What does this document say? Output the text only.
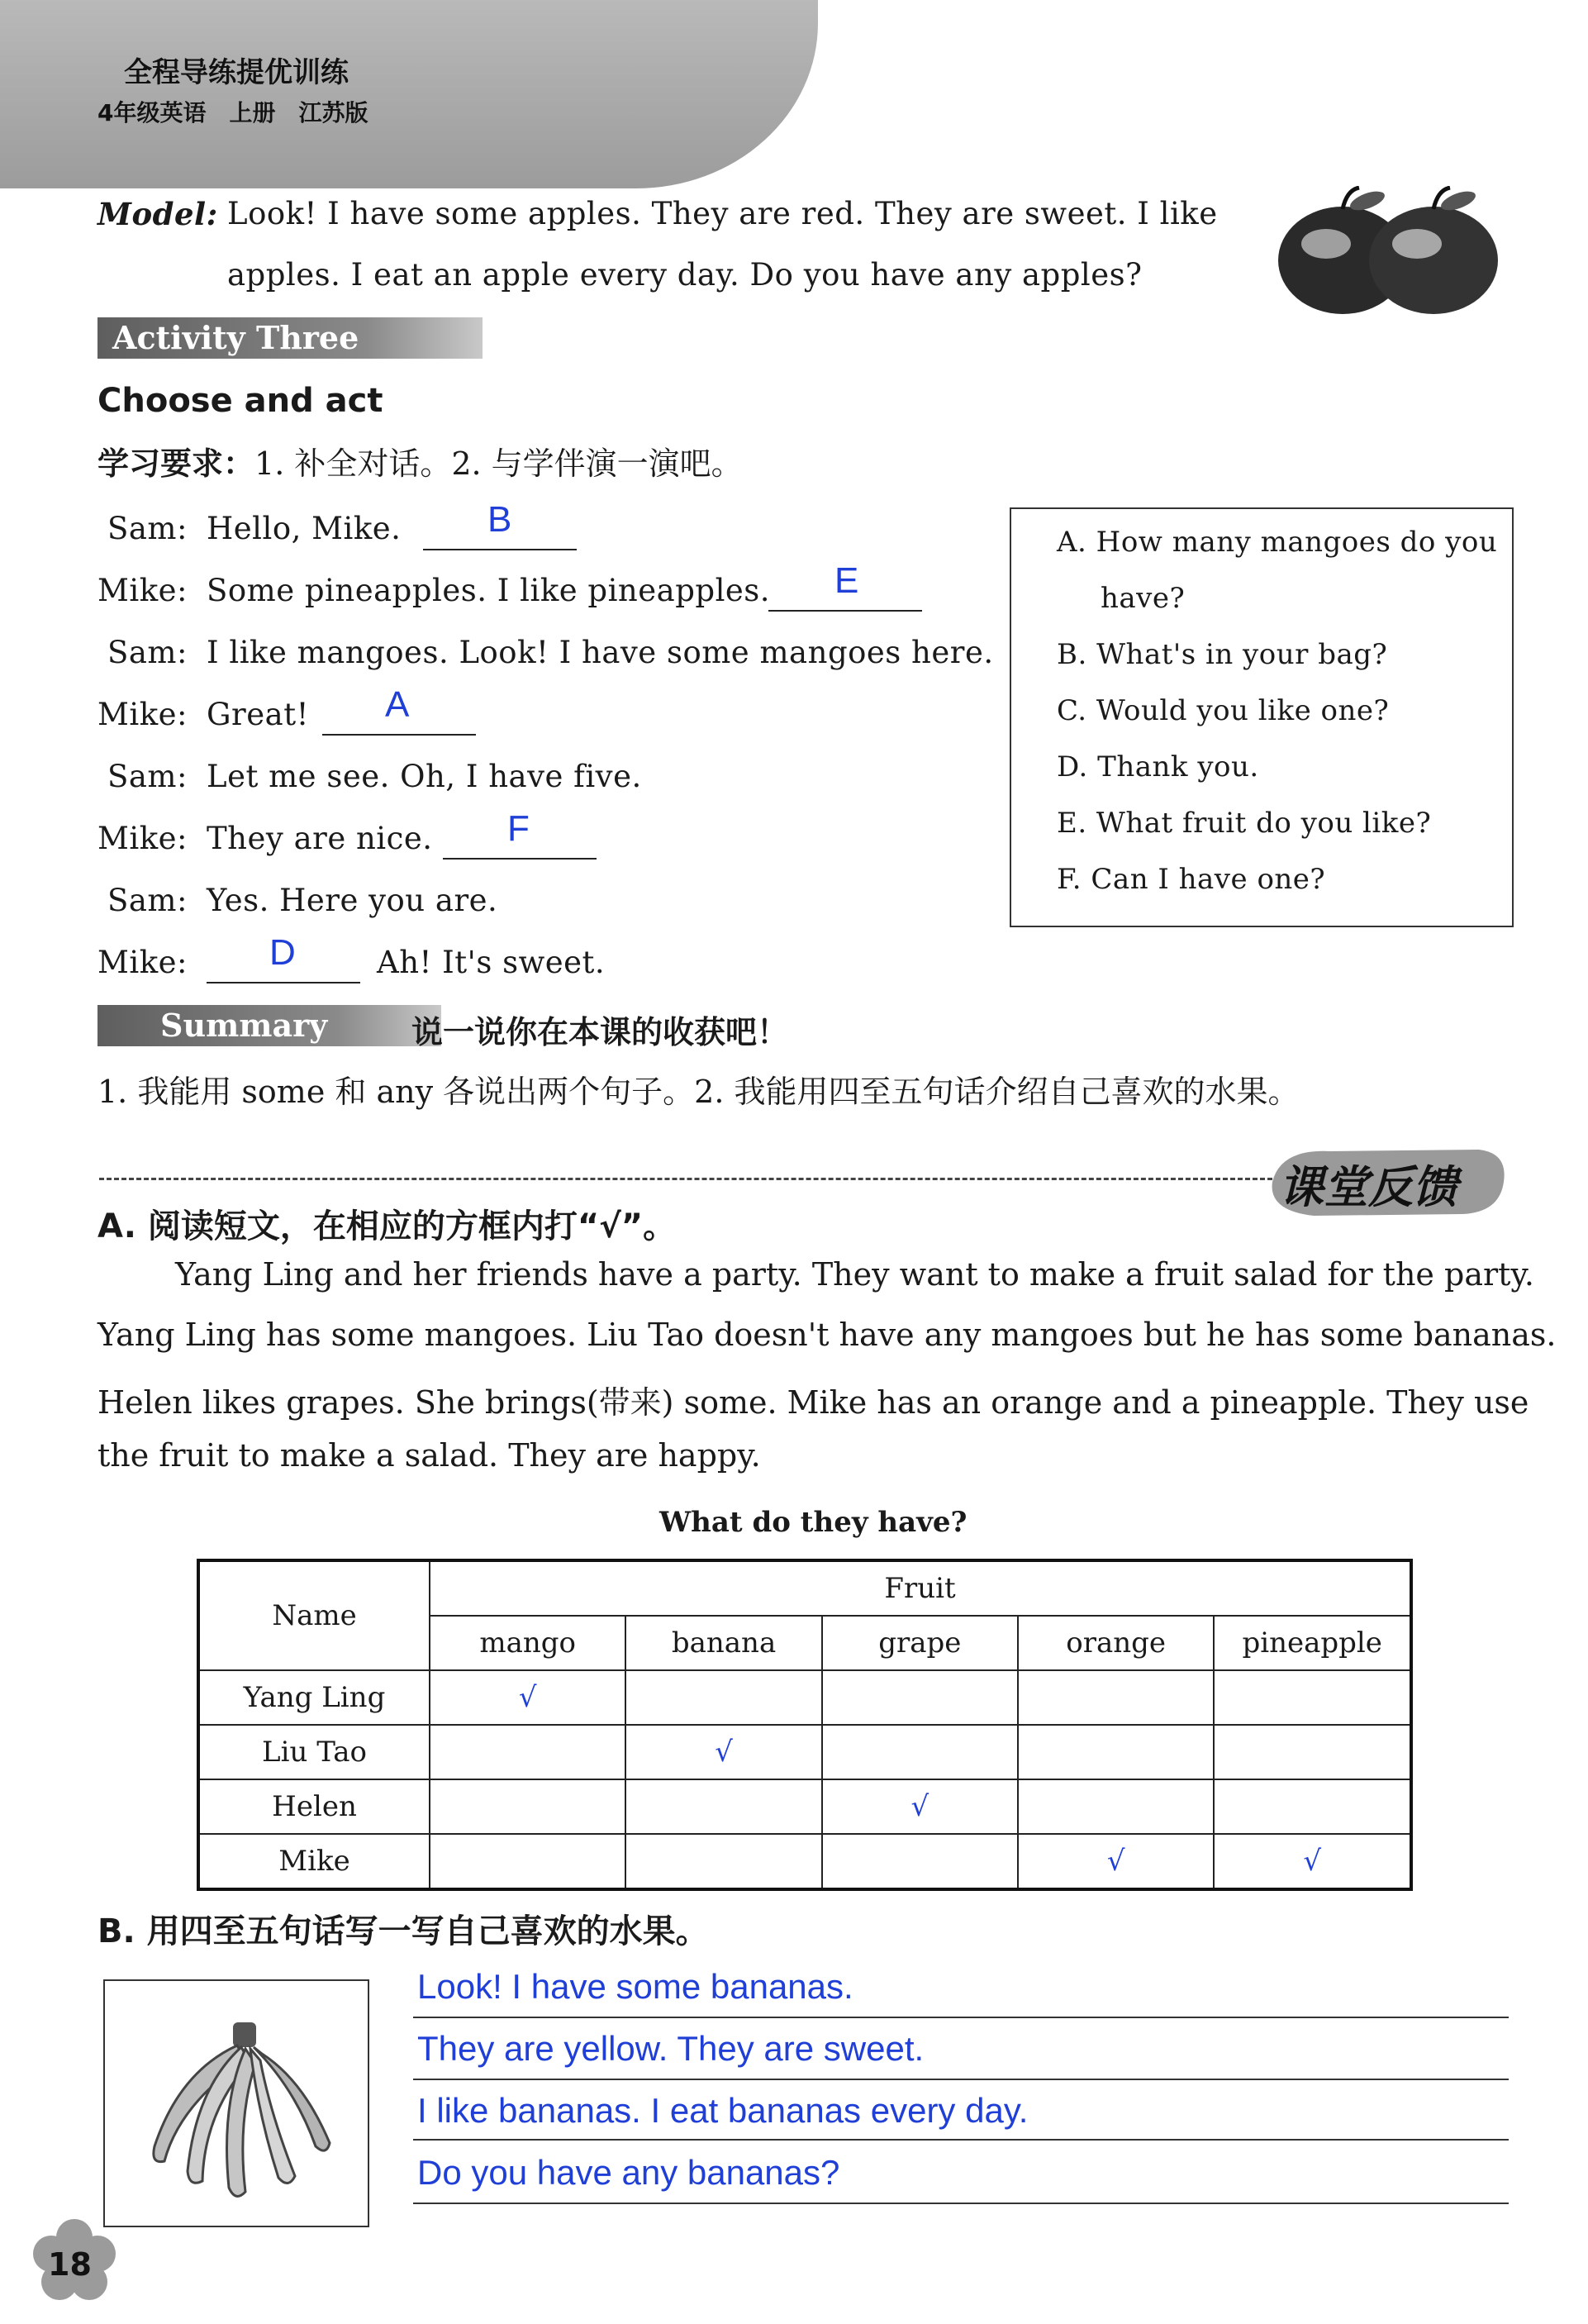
全程导练提优训练
4年级英语　上册　江苏版
Model: Look! I have some apples. They are red. They are sweet. I like
apples. I eat an apple every day. Do you have any apples?
Activity Three
Choose and act
学习要求：1. 补全对话。2. 与学伴演一演吧。
Sam: Hello, Mike. B
Mike: Some pineapples. I like pineapples. E
Sam: I like mangoes. Look! I have some mangoes here.
Mike: Great! A
Sam: Let me see. Oh, I have five.
Mike: They are nice. F
Sam: Yes. Here you are.
Mike: D	Ah! It's sweet.
A. How many mangoes do you
have?
B. What's in your bag?
C. Would you like one?
D. Thank you.
E. What fruit do you like?
F. Can I have one?
Summary	说一说你在本课的收获吧！
1. 我能用 some 和 any 各说出两个句子。2. 我能用四至五句话介绍自己喜欢的水果。
课堂反馈
A. 阅读短文，在相应的方框内打“√”。
Yang Ling and her friends have a party. They want to make a fruit salad for the party.
Yang Ling has some mangoes. Liu Tao doesn't have any mangoes but he has some bananas.
Helen likes grapes. She brings(带来) some. Mike has an orange and a pineapple. They use
the fruit to make a salad. They are happy.
What do they have?
Name	Fruit				
	mango	banana	grape	orange	pineapple
Yang Ling	√				
Liu Tao		√			
Helen			√		
Mike				√	√
B. 用四至五句话写一写自己喜欢的水果。
Look! I have some bananas.
They are yellow. They are sweet.
I like bananas. I eat bananas every day.
Do you have any bananas?
18
